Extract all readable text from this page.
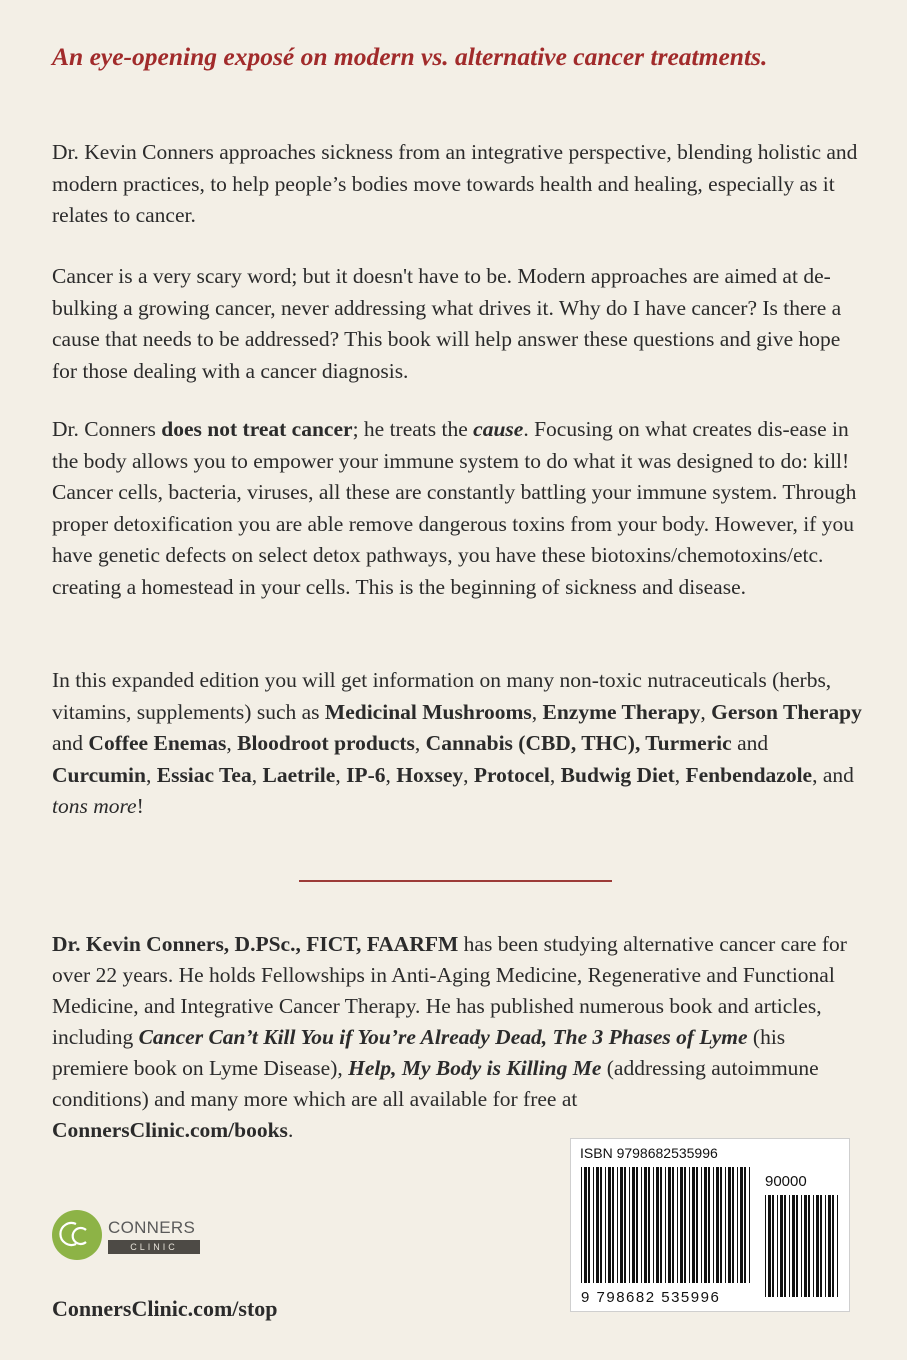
An eye-opening exposé on modern vs. alternative cancer treatments.

Dr. Kevin Conners approaches sickness from an integrative perspective, blending holistic and modern practices, to help people’s bodies move towards health and healing, especially as it relates to cancer.

Cancer is a very scary word; but it doesn't have to be. Modern approaches are aimed at de-bulking a growing cancer, never addressing what drives it. Why do I have cancer? Is there a cause that needs to be addressed? This book will help answer these questions and give hope for those dealing with a cancer diagnosis.

Dr. Conners does not treat cancer; he treats the cause. Focusing on what creates dis-ease in the body allows you to empower your immune system to do what it was designed to do: kill! Cancer cells, bacteria, viruses, all these are constantly battling your immune system. Through proper detoxification you are able remove dangerous toxins from your body. However, if you have genetic defects on select detox pathways, you have these biotoxins/chemotoxins/etc. creating a homestead in your cells. This is the beginning of sickness and disease.

In this expanded edition you will get information on many non-toxic nutraceuticals (herbs, vitamins, supplements) such as Medicinal Mushrooms, Enzyme Therapy, Gerson Therapy and Coffee Enemas, Bloodroot products, Cannabis (CBD, THC), Turmeric and Curcumin, Essiac Tea, Laetrile, IP-6, Hoxsey, Protocel, Budwig Diet, Fenbendazole, and tons more!

Dr. Kevin Conners, D.PSc., FICT, FAARFM has been studying alternative cancer care for over 22 years. He holds Fellowships in Anti-Aging Medicine, Regenerative and Functional Medicine, and Integrative Cancer Therapy. He has published numerous book and articles, including Cancer Can’t Kill You if You’re Already Dead, The 3 Phases of Lyme (his premiere book on Lyme Disease), Help, My Body is Killing Me (addressing autoimmune conditions) and many more which are all available for free at
ConnersClinic.com/books.

CONNERS
CLINIC
ConnersClinic.com/stop
ISBN 9798682535996
90000
9 798682 535996
